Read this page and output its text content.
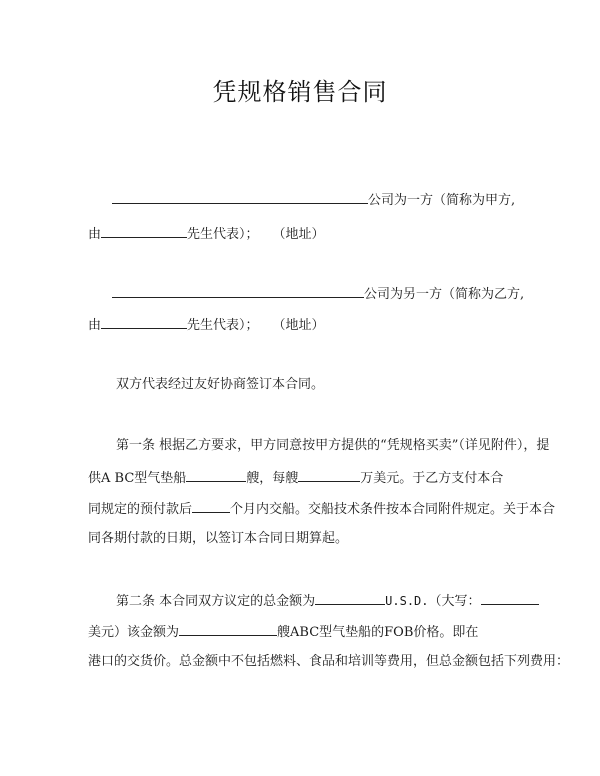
凭规格销售合同
公司为一方（简称为甲方,
由	先生代表）； （地址）
公司为另一方（简称为乙方,
由	先生代表）； （地址）
双方代表经过友好协商签订本合同。
第一条 根据乙方要求，甲方同意按甲方提供的“凭规格买卖”（详见附件），提
供A BC型气垫船	艘，每艘	万美元。于乙方支付本合
同规定的预付款后	个月内交船。交船技术条件按本合同附件规定。关于本合
同各期付款的日期，以签订本合同日期算起。
第二条 本合同双方议定的总金额为	U.S.D.（大写：
美元）该金额为	艘ABC型气垫船的FOB价格。即在
港口的交货价。总金额中不包括燃料、食品和培训等费用，但总金额包括下列费用：
